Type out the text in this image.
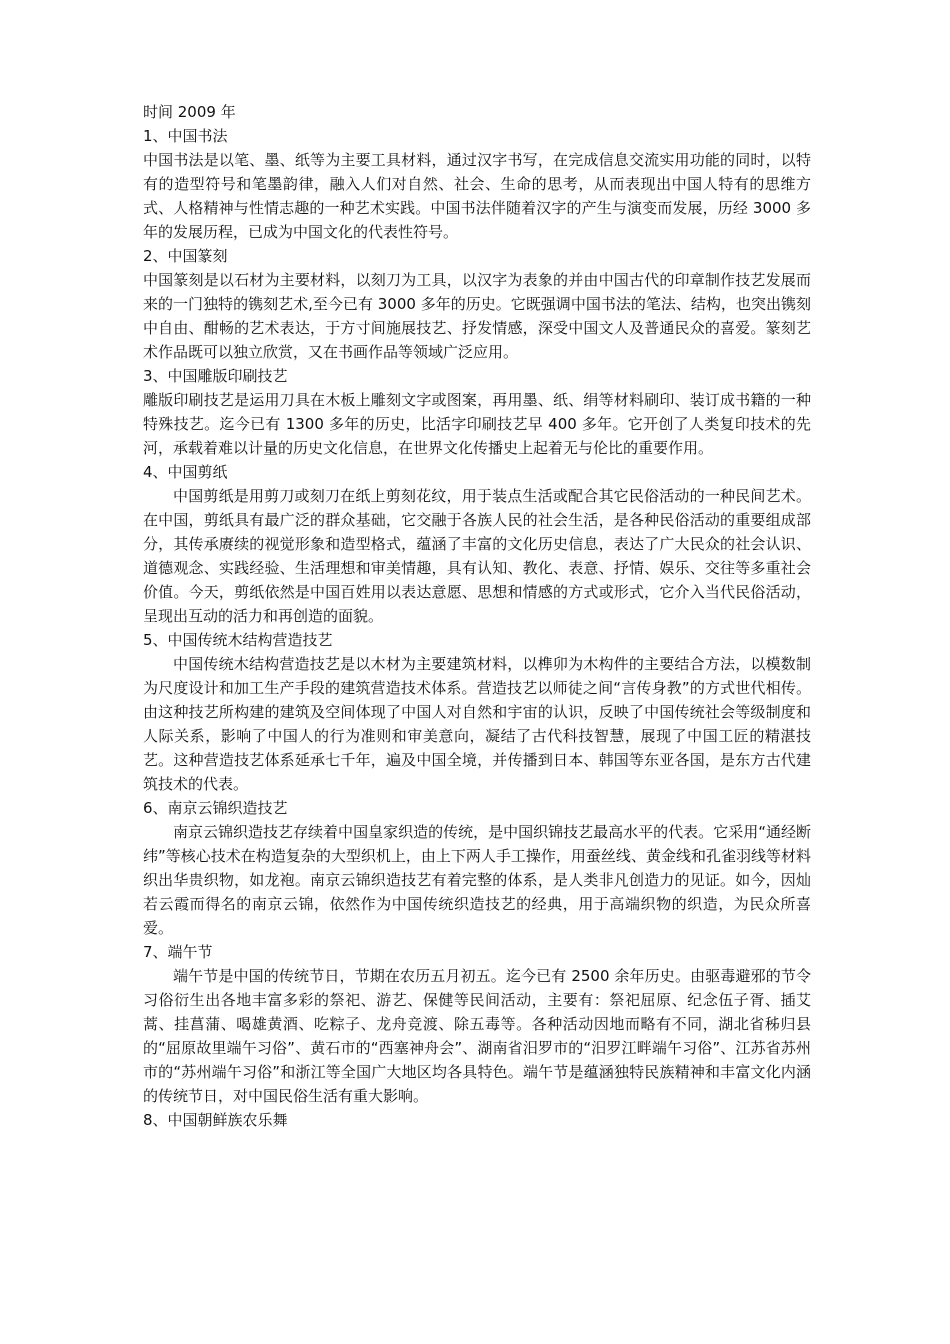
时间 2009 年
1、中国书法
中国书法是以笔、墨、纸等为主要工具材料，通过汉字书写，在完成信息交流实用功能的同时，以特有的造型符号和笔墨韵律，融入人们对自然、社会、生命的思考，从而表现出中国人特有的思维方式、人格精神与性情志趣的一种艺术实践。中国书法伴随着汉字的产生与演变而发展，历经 3000 多年的发展历程，已成为中国文化的代表性符号。
2、中国篆刻
中国篆刻是以石材为主要材料，以刻刀为工具，以汉字为表象的并由中国古代的印章制作技艺发展而来的一门独特的镌刻艺术,至今已有 3000 多年的历史。它既强调中国书法的笔法、结构，也突出镌刻中自由、酣畅的艺术表达，于方寸间施展技艺、抒发情感，深受中国文人及普通民众的喜爱。篆刻艺术作品既可以独立欣赏，又在书画作品等领域广泛应用。
3、中国雕版印刷技艺
雕版印刷技艺是运用刀具在木板上雕刻文字或图案，再用墨、纸、绢等材料刷印、装订成书籍的一种特殊技艺。迄今已有 1300 多年的历史，比活字印刷技艺早 400 多年。它开创了人类复印技术的先河，承载着难以计量的历史文化信息，在世界文化传播史上起着无与伦比的重要作用。
4、中国剪纸
中国剪纸是用剪刀或刻刀在纸上剪刻花纹，用于装点生活或配合其它民俗活动的一种民间艺术。在中国，剪纸具有最广泛的群众基础，它交融于各族人民的社会生活，是各种民俗活动的重要组成部分，其传承赓续的视觉形象和造型格式，蕴涵了丰富的文化历史信息，表达了广大民众的社会认识、道德观念、实践经验、生活理想和审美情趣，具有认知、教化、表意、抒情、娱乐、交往等多重社会价值。今天，剪纸依然是中国百姓用以表达意愿、思想和情感的方式或形式，它介入当代民俗活动，呈现出互动的活力和再创造的面貌。
5、中国传统木结构营造技艺
中国传统木结构营造技艺是以木材为主要建筑材料，以榫卯为木构件的主要结合方法，以模数制为尺度设计和加工生产手段的建筑营造技术体系。营造技艺以师徒之间“言传身教”的方式世代相传。由这种技艺所构建的建筑及空间体现了中国人对自然和宇宙的认识，反映了中国传统社会等级制度和人际关系，影响了中国人的行为准则和审美意向，凝结了古代科技智慧，展现了中国工匠的精湛技艺。这种营造技艺体系延承七千年，遍及中国全境，并传播到日本、韩国等东亚各国，是东方古代建筑技术的代表。
6、南京云锦织造技艺
南京云锦织造技艺存续着中国皇家织造的传统，是中国织锦技艺最高水平的代表。它采用“通经断纬”等核心技术在构造复杂的大型织机上，由上下两人手工操作，用蚕丝线、黄金线和孔雀羽线等材料织出华贵织物，如龙袍。南京云锦织造技艺有着完整的体系，是人类非凡创造力的见证。如今，因灿若云霞而得名的南京云锦，依然作为中国传统织造技艺的经典，用于高端织物的织造，为民众所喜爱。
7、端午节
端午节是中国的传统节日，节期在农历五月初五。迄今已有 2500 余年历史。由驱毒避邪的节令习俗衍生出各地丰富多彩的祭祀、游艺、保健等民间活动，主要有：祭祀屈原、纪念伍子胥、插艾蒿、挂菖蒲、喝雄黄酒、吃粽子、龙舟竞渡、除五毒等。各种活动因地而略有不同，湖北省秭归县的“屈原故里端午习俗”、黄石市的“西塞神舟会”、湖南省汨罗市的“汨罗江畔端午习俗”、江苏省苏州市的“苏州端午习俗”和浙江等全国广大地区均各具特色。端午节是蕴涵独特民族精神和丰富文化内涵的传统节日，对中国民俗生活有重大影响。
8、中国朝鲜族农乐舞
